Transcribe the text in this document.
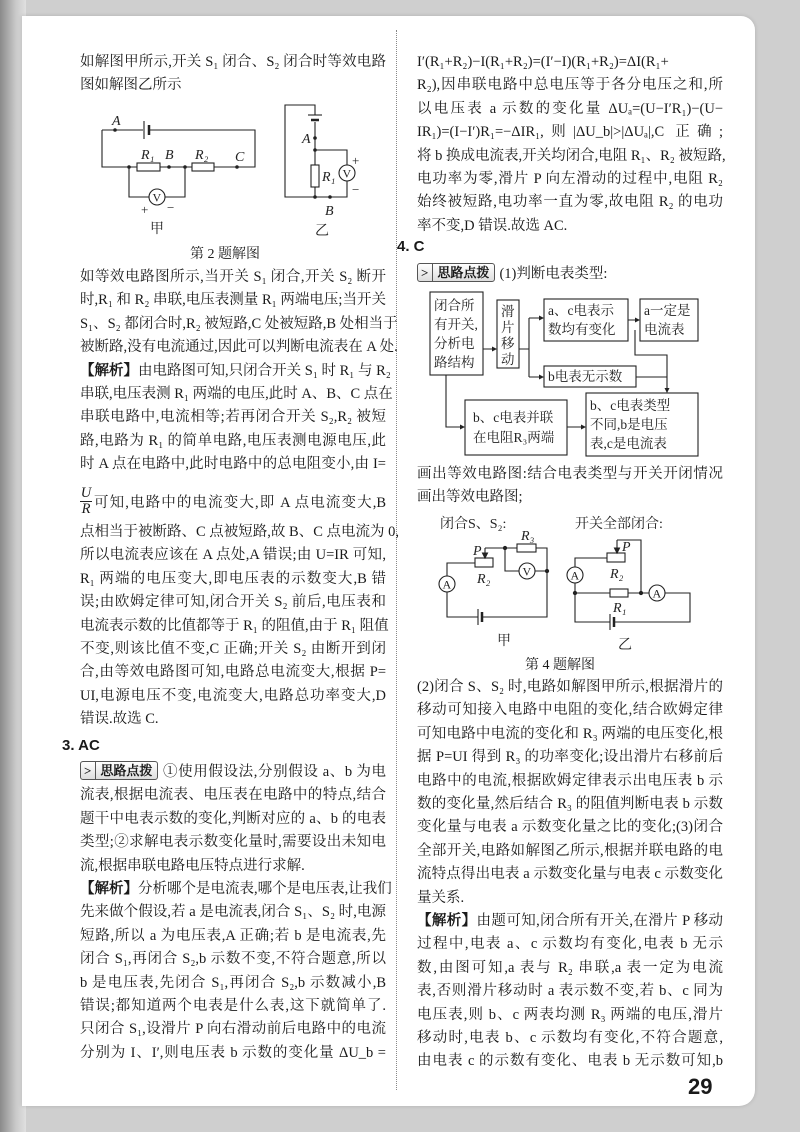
如解图甲所示,开关 S₁ 闭合、S₂ 闭合时等效电路
图如解图乙所示
第 2 题解图
如等效电路图所示,当开关 S₁ 闭合,开关 S₂ 断开
时,R₁ 和 R₂ 串联,电压表测量 R₁ 两端电压;当开关
S₁、S₂ 都闭合时,R₂ 被短路,C 处被短路,B 处相当于
被断路,没有电流通过,因此可以判断电流表在 A 处.
【解析】由电路图可知,只闭合开关 S₁ 时 R₁ 与 R₂
串联,电压表测 R₁ 两端的电压,此时 A、B、C 点在
串联电路中,电流相等;若再闭合开关 S₂,R₂ 被短
路,电路为 R₁ 的简单电路,电压表测电源电压,此
时 A 点在电路中,此时电路中的总电阻变小,由 I=
$\frac{U}{R}$ 可知,电路中的电流变大,即 A 点电流变大,B
点相当于被断路、C 点被短路,故 B、C 点电流为 0,
所以电流表应该在 A 点处,A 错误;由 U=IR 可知,
R₁ 两端的电压变大,即电压表的示数变大,B 错
误;由欧姆定律可知,闭合开关 S₂ 前后,电压表和
电流表示数的比值都等于 R₁ 的阻值,由于 R₁ 阻值
不变,则该比值不变,C 正确;开关 S₂ 由断开到闭
合,由等效电路图可知,电路总电流变大,根据 P=
UI,电源电压不变,电流变大,电路总功率变大,D
错误.故选 C.
3. AC
> 思路点拨 ①使用假设法,分别假设 a、b 为电
流表,根据电流表、电压表在电路中的特点,结合
题干中电表示数的变化,判断对应的 a、b 的电表
类型;②求解电表示数变化量时,需要设出未知电
流,根据串联电路电压特点进行求解.
【解析】分析哪个是电流表,哪个是电压表,让我们
先来做个假设,若 a 是电流表,闭合 S₁、S₂ 时,电源
短路,所以 a 为电压表,A 正确;若 b 是电流表,先
闭合 S₁,再闭合 S₂,b 示数不变,不符合题意,所以
b 是电压表,先闭合 S₁,再闭合 S₂,b 示数减小,B
错误;都知道两个电表是什么表,这下就简单了.
只闭合 S₁,设滑片 P 向右滑动前后电路中的电流
分别为 I、I′,则电压表 b 示数的变化量 ΔU_b =
I′(R₁+R₂)−I(R₁+R₂)=(I′−I)(R₁+R₂)=ΔI(R₁+
R₂),因串联电路中总电压等于各分电压之和,所
以电压表 a 示数的变化量 ΔUₐ=(U−I′R₁)−(U−
IR₁)=(I−I′)R₁=−ΔIR₁,则|ΔU_b|>|ΔUₐ|,C 正确;
将 b 换成电流表,开关均闭合,电阻 R₁、R₂ 被短路,
电功率为零,滑片 P 向左滑动的过程中,电阻 R₂
始终被短路,电功率一直为零,故电阻 R₂ 的电功
率不变,D 错误.故选 AC.
4. C
> 思路点拨 (1)判断电表类型:
画出等效电路图:结合电表类型与开关开闭情况
画出等效电路图;
第 4 题解图
(2)闭合 S、S₂ 时,电路如解图甲所示,根据滑片的
移动可知接入电路中电阻的变化,结合欧姆定律
可知电路中电流的变化和 R₃ 两端的电压变化,根
据 P=UI 得到 R₃ 的功率变化;设出滑片右移前后
电路中的电流,根据欧姆定律表示出电压表 b 示
数的变化量,然后结合 R₃ 的阻值判断电表 b 示数
变化量与电表 a 示数变化量之比的变化;(3)闭合
全部开关,电路如解图乙所示,根据并联电路的电
流特点得出电表 a 示数变化量与电表 c 示数变化
量关系.
【解析】由题可知,闭合所有开关,在滑片 P 移动
过程中,电表 a、c 示数均有变化,电表 b 无示
数,由图可知,a 表与 R₂ 串联,a 表一定为电流
表,否则滑片移动时 a 表示数不变,若 b、c 同为
电压表,则 b、c 两表均测 R₃ 两端的电压,滑片
移动时,电表 b、c 示数均有变化,不符合题意,
由电表 c 的示数有变化、电表 b 无示数可知,b
29
A
R₁ B R₂ C
V
+ −
甲
A
R₁ V
+
−
B
乙
闭合所
有开关,
分析电
路结构
滑
片
移
动
a、c电表示
数均有变化
a一定是
电流表
b电表无示数
b、c电表并联
在电阻R₃两端
b、c电表类型
不同,b是电压
表,c是电流表
闭合S、S₂:	开关全部闭合:
P
R₂
R₃
V
A
甲
P
R₂
R₁
A
A
乙
